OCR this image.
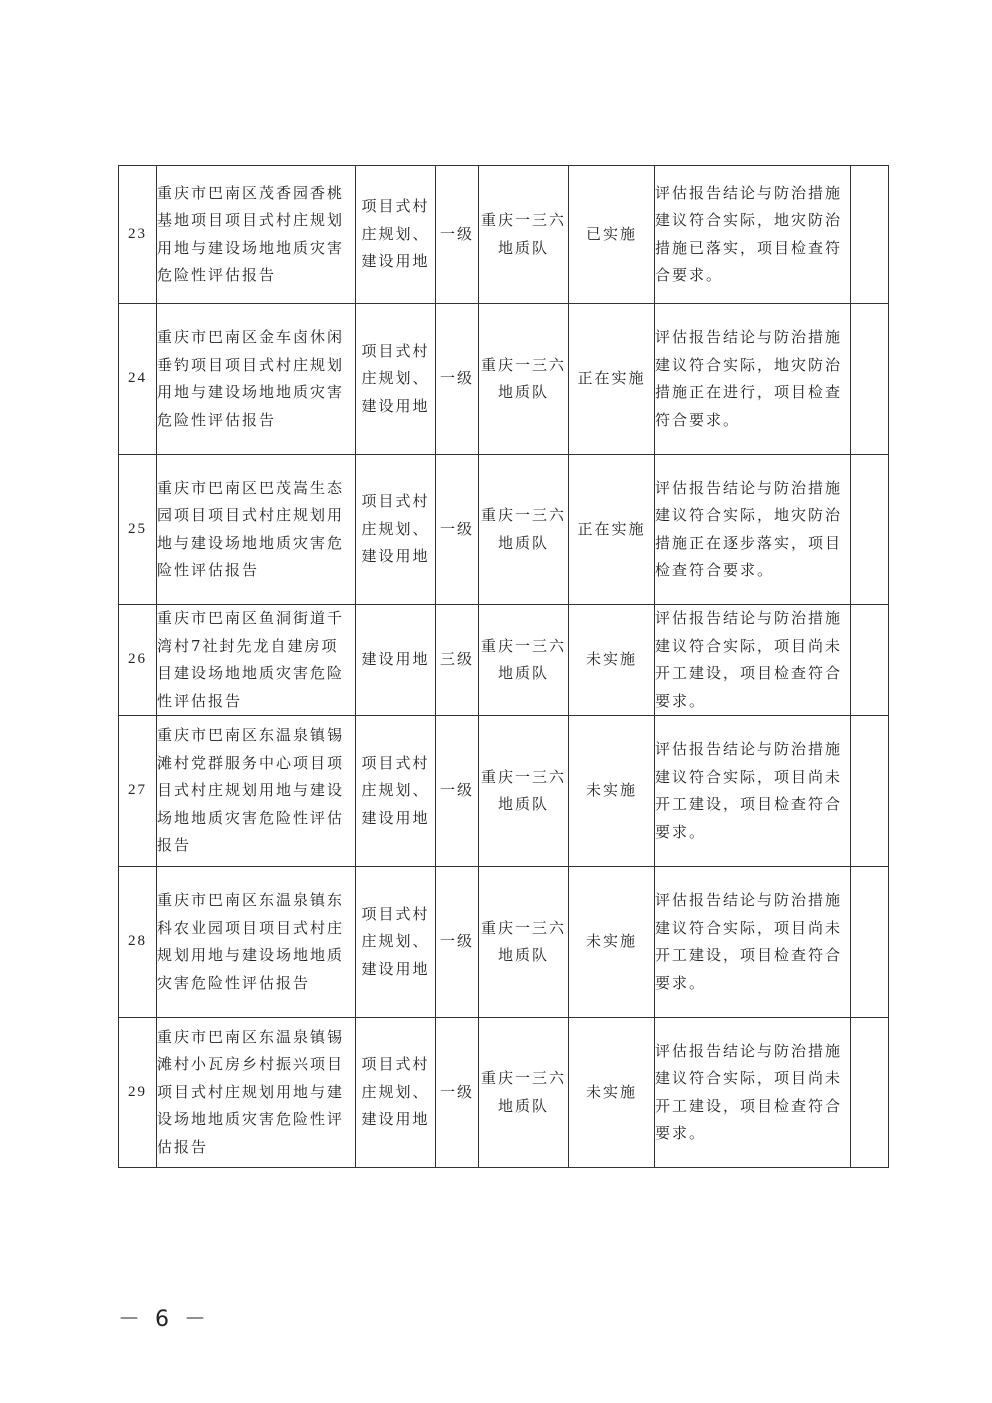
23	重庆市巴南区茂香园香桃基地项目项目式村庄规划用地与建设场地地质灾害危险性评估报告	项目式村庄规划、建设用地	一级	重庆一三六地质队	已实施	评估报告结论与防治措施建议符合实际，地灾防治措施已落实，项目检查符合要求。	
24	重庆市巴南区金车卤休闲垂钓项目项目式村庄规划用地与建设场地地质灾害危险性评估报告	项目式村庄规划、建设用地	一级	重庆一三六地质队	正在实施	评估报告结论与防治措施建议符合实际，地灾防治措施正在进行，项目检查符合要求。	
25	重庆市巴南区巴茂嵩生态园项目项目式村庄规划用地与建设场地地质灾害危险性评估报告	项目式村庄规划、建设用地	一级	重庆一三六地质队	正在实施	评估报告结论与防治措施建议符合实际，地灾防治措施正在逐步落实，项目检查符合要求。	
26	重庆市巴南区鱼洞街道千湾村7社封先龙自建房项目建设场地地质灾害危险性评估报告	建设用地	三级	重庆一三六地质队	未实施	评估报告结论与防治措施建议符合实际，项目尚未开工建设，项目检查符合要求。	
27	重庆市巴南区东温泉镇锡滩村党群服务中心项目项目式村庄规划用地与建设场地地质灾害危险性评估报告	项目式村庄规划、建设用地	一级	重庆一三六地质队	未实施	评估报告结论与防治措施建议符合实际，项目尚未开工建设，项目检查符合要求。	
28	重庆市巴南区东温泉镇东科农业园项目项目式村庄规划用地与建设场地地质灾害危险性评估报告	项目式村庄规划、建设用地	一级	重庆一三六地质队	未实施	评估报告结论与防治措施建议符合实际，项目尚未开工建设，项目检查符合要求。	
29	重庆市巴南区东温泉镇锡滩村小瓦房乡村振兴项目项目式村庄规划用地与建设场地地质灾害危险性评估报告	项目式村庄规划、建设用地	一级	重庆一三六地质队	未实施	评估报告结论与防治措施建议符合实际，项目尚未开工建设，项目检查符合要求。	
－ 6 －
